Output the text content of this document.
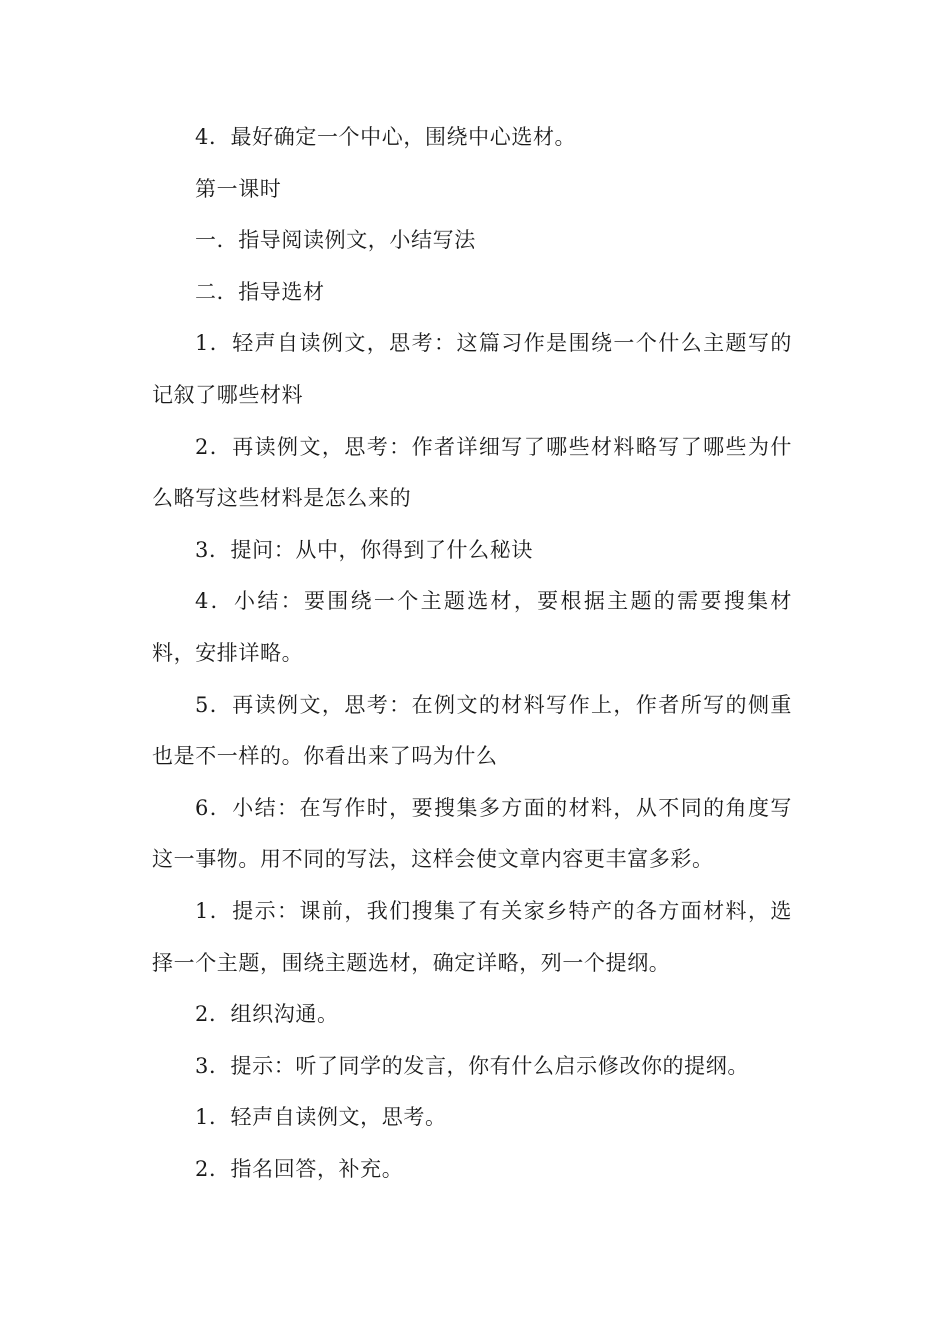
4．最好确定一个中心，围绕中心选材。

第一课时

一．指导阅读例文，小结写法

二．指导选材

1．轻声自读例文，思考：这篇习作是围绕一个什么主题写的记叙了哪些材料

2．再读例文，思考：作者详细写了哪些材料略写了哪些为什么略写这些材料是怎么来的

3．提问：从中，你得到了什么秘诀

4．小结：要围绕一个主题选材，要根据主题的需要搜集材料，安排详略。

5．再读例文，思考：在例文的材料写作上，作者所写的侧重也是不一样的。你看出来了吗为什么

6．小结：在写作时，要搜集多方面的材料，从不同的角度写这一事物。用不同的写法，这样会使文章内容更丰富多彩。

1．提示：课前，我们搜集了有关家乡特产的各方面材料，选择一个主题，围绕主题选材，确定详略，列一个提纲。

2．组织沟通。

3．提示：听了同学的发言，你有什么启示修改你的提纲。

1．轻声自读例文，思考。

2．指名回答，补充。
